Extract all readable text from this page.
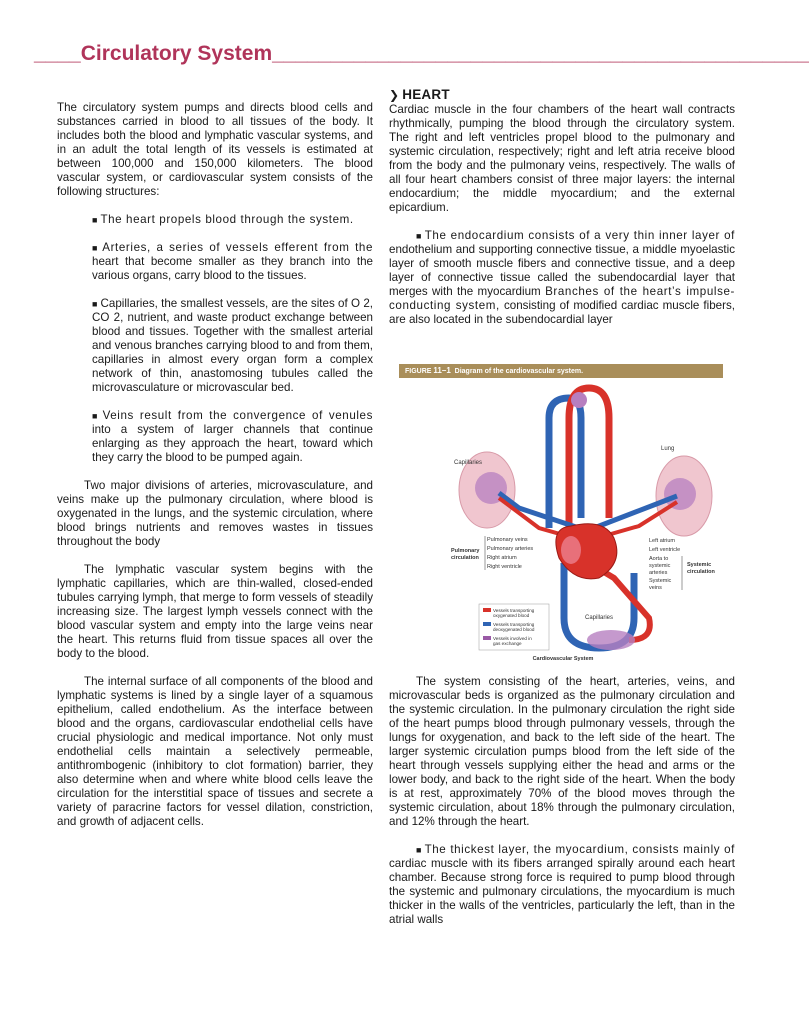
____Circulatory System______________________________________________

The circulatory system pumps and directs blood cells and substances carried in blood to all tissues of the body. It includes both the blood and lymphatic vascular systems, and in an adult the total length of its vessels is estimated at between 100,000 and 150,000 kilometers. The blood vascular system, or cardiovascular system consists of the following structures:

■ The heart propels blood through the system.

■ Arteries, a series of vessels efferent from the heart that become smaller as they branch into the various organs, carry blood to the tissues.

■ Capillaries, the smallest vessels, are the sites of O 2, CO 2, nutrient, and waste product exchange between blood and tissues. Together with the smallest arterial and venous branches carrying blood to and from them, capillaries in almost every organ form a complex network of thin, anastomosing tubules called the microvasculature or microvascular bed.

■ Veins result from the convergence of venules into a system of larger channels that continue enlarging as they approach the heart, toward which they carry the blood to be pumped again.

Two major divisions of arteries, microvasculature, and veins make up the pulmonary circulation, where blood is oxygenated in the lungs, and the systemic circulation, where blood brings nutrients and removes wastes in tissues throughout the body

The lymphatic vascular system begins with the lymphatic capillaries, which are thin-walled, closed-ended tubules carrying lymph, that merge to form vessels of steadily increasing size. The largest lymph vessels connect with the blood vascular system and empty into the large veins near the heart. This returns fluid from tissue spaces all over the body to the blood.

The internal surface of all components of the blood and lymphatic systems is lined by a single layer of a squamous epithelium, called endothelium. As the interface between blood and the organs, cardiovascular endothelial cells have crucial physiologic and medical importance. Not only must endothelial cells maintain a selectively permeable, antithrombogenic (inhibitory to clot formation) barrier, they also determine when and where white blood cells leave the circulation for the interstitial space of tissues and secrete a variety of paracrine factors for vessel dilation, constriction, and growth of adjacent cells.

❯ HEART

Cardiac muscle in the four chambers of the heart wall contracts rhythmically, pumping the blood through the circulatory system. The right and left ventricles propel blood to the pulmonary and systemic circulation, respectively; right and left atria receive blood from the body and the pulmonary veins, respectively. The walls of all four heart chambers consist of three major layers: the internal endocardium; the middle myocardium; and the external epicardium.

■ The endocardium consists of a very thin inner layer of endothelium and supporting connective tissue, a middle myoelastic layer of smooth muscle fibers and connective tissue, and a deep layer of connective tissue called the subendocardial layer that merges with the myocardium Branches of the heart’s impulse-conducting system, consisting of modified cardiac muscle fibers, are also located in the subendocardial layer

FIGURE 11–1 Diagram of the cardiovascular system.
Lung
Capillaries
Pulmonary veins
Pulmonary arteries
Right atrium
Right ventricle
Pulmonary
circulation
Left atrium
Left ventricle
Aorta to
systemic
arteries
Systemic
veins
Systemic
circulation
Capillaries
Vessels transporting
oxygenated blood
Vessels transporting
deoxygenated blood
Vessels involved in
gas exchange
Cardiovascular System

The system consisting of the heart, arteries, veins, and microvascular beds is organized as the pulmonary circulation and the systemic circulation. In the pulmonary circulation the right side of the heart pumps blood through pulmonary vessels, through the lungs for oxygenation, and back to the left side of the heart. The larger systemic circulation pumps blood from the left side of the heart through vessels supplying either the head and arms or the lower body, and back to the right side of the heart. When the body is at rest, approximately 70% of the blood moves through the systemic circulation, about 18% through the pulmonary circulation, and 12% through the heart.

■ The thickest layer, the myocardium, consists mainly of cardiac muscle with its fibers arranged spirally around each heart chamber. Because strong force is required to pump blood through the systemic and pulmonary circulations, the myocardium is much thicker in the walls of the ventricles, particularly the left, than in the atrial walls
